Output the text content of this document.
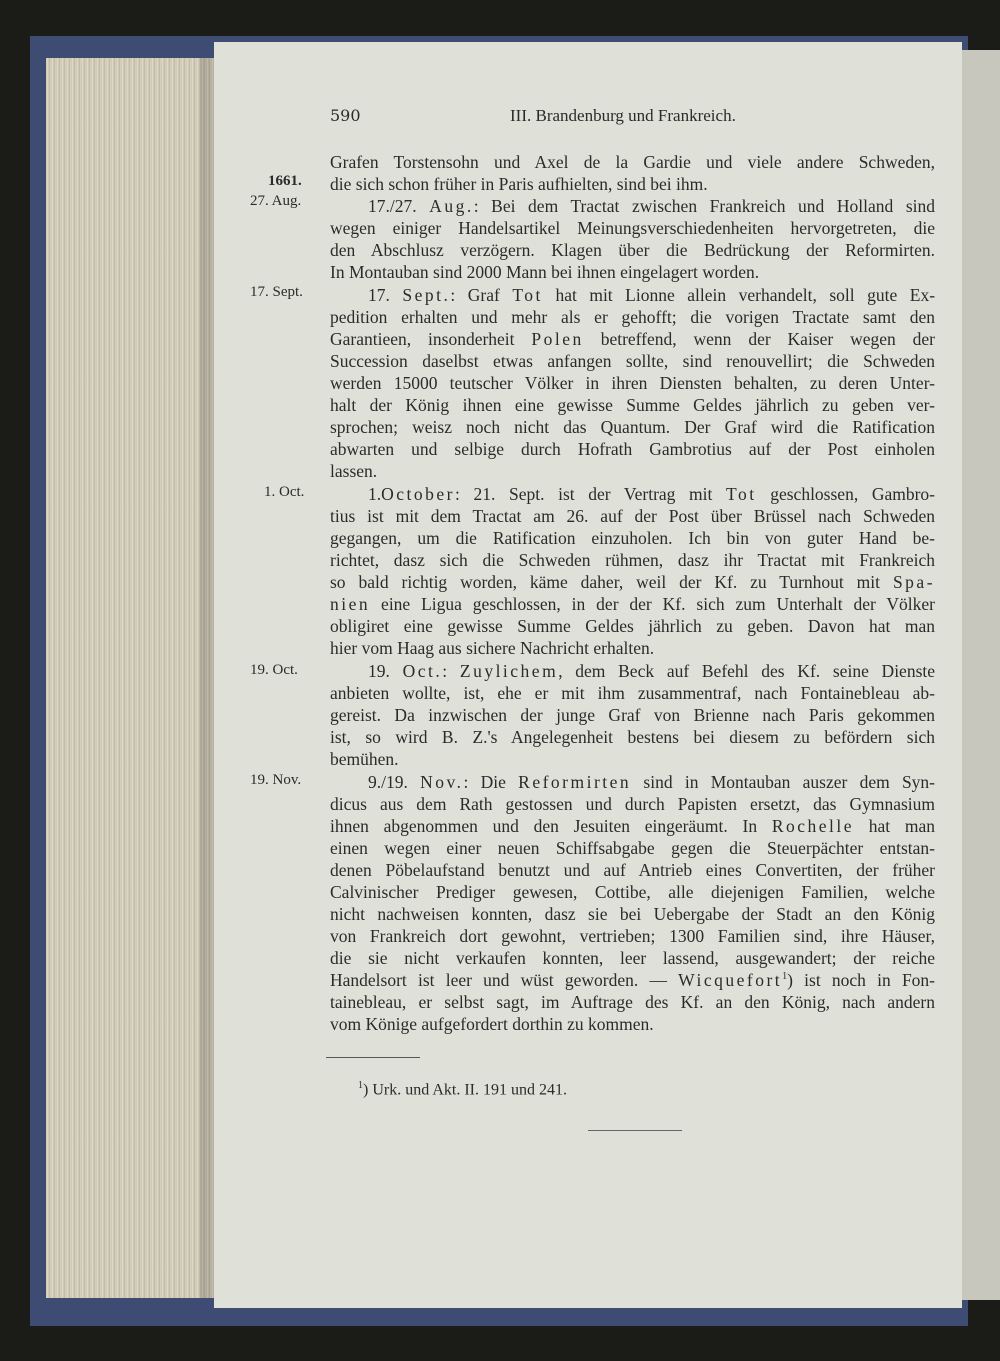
590	III. Brandenburg und Frankreich.
1661.
27. Aug.
17. Sept.
1. Oct.
19. Oct.
19. Nov.
Grafen Torstensohn und Axel de la Gardie und viele andere Schweden,
die sich schon früher in Paris aufhielten, sind bei ihm.
17./27. Aug.: Bei dem Tractat zwischen Frankreich und Holland sind
wegen einiger Handelsartikel Meinungsverschiedenheiten hervorgetreten, die
den Abschlusz verzögern. Klagen über die Bedrückung der Reformirten.
In Montauban sind 2000 Mann bei ihnen eingelagert worden.
17. Sept.: Graf Tot hat mit Lionne allein verhandelt, soll gute Ex-
pedition erhalten und mehr als er gehofft; die vorigen Tractate samt den
Garantieen, insonderheit Polen betreffend, wenn der Kaiser wegen der
Succession daselbst etwas anfangen sollte, sind renouvellirt; die Schweden
werden 15000 teutscher Völker in ihren Diensten behalten, zu deren Unter-
halt der König ihnen eine gewisse Summe Geldes jährlich zu geben ver-
sprochen; weisz noch nicht das Quantum. Der Graf wird die Ratification
abwarten und selbige durch Hofrath Gambrotius auf der Post einholen
lassen.
1.October: 21. Sept. ist der Vertrag mit Tot geschlossen, Gambro-
tius ist mit dem Tractat am 26. auf der Post über Brüssel nach Schweden
gegangen, um die Ratification einzuholen. Ich bin von guter Hand be-
richtet, dasz sich die Schweden rühmen, dasz ihr Tractat mit Frankreich
so bald richtig worden, käme daher, weil der Kf. zu Turnhout mit Spa-
nien eine Ligua geschlossen, in der der Kf. sich zum Unterhalt der Völker
obligiret eine gewisse Summe Geldes jährlich zu geben. Davon hat man
hier vom Haag aus sichere Nachricht erhalten.
19. Oct.: Zuylichem, dem Beck auf Befehl des Kf. seine Dienste
anbieten wollte, ist, ehe er mit ihm zusammentraf, nach Fontainebleau ab-
gereist. Da inzwischen der junge Graf von Brienne nach Paris gekommen
ist, so wird B. Z.'s Angelegenheit bestens bei diesem zu befördern sich
bemühen.
9./19. Nov.: Die Reformirten sind in Montauban auszer dem Syn-
dicus aus dem Rath gestossen und durch Papisten ersetzt, das Gymnasium
ihnen abgenommen und den Jesuiten eingeräumt. In Rochelle hat man
einen wegen einer neuen Schiffsabgabe gegen die Steuerpächter entstan-
denen Pöbelaufstand benutzt und auf Antrieb eines Convertiten, der früher
Calvinischer Prediger gewesen, Cottibe, alle diejenigen Familien, welche
nicht nachweisen konnten, dasz sie bei Uebergabe der Stadt an den König
von Frankreich dort gewohnt, vertrieben; 1300 Familien sind, ihre Häuser,
die sie nicht verkaufen konnten, leer lassend, ausgewandert; der reiche
Handelsort ist leer und wüst geworden. — Wicquefort$^1$) ist noch in Fon-
tainebleau, er selbst sagt, im Auftrage des Kf. an den König, nach andern
vom Könige aufgefordert dorthin zu kommen.
$^1$) Urk. und Akt. II. 191 und 241.
